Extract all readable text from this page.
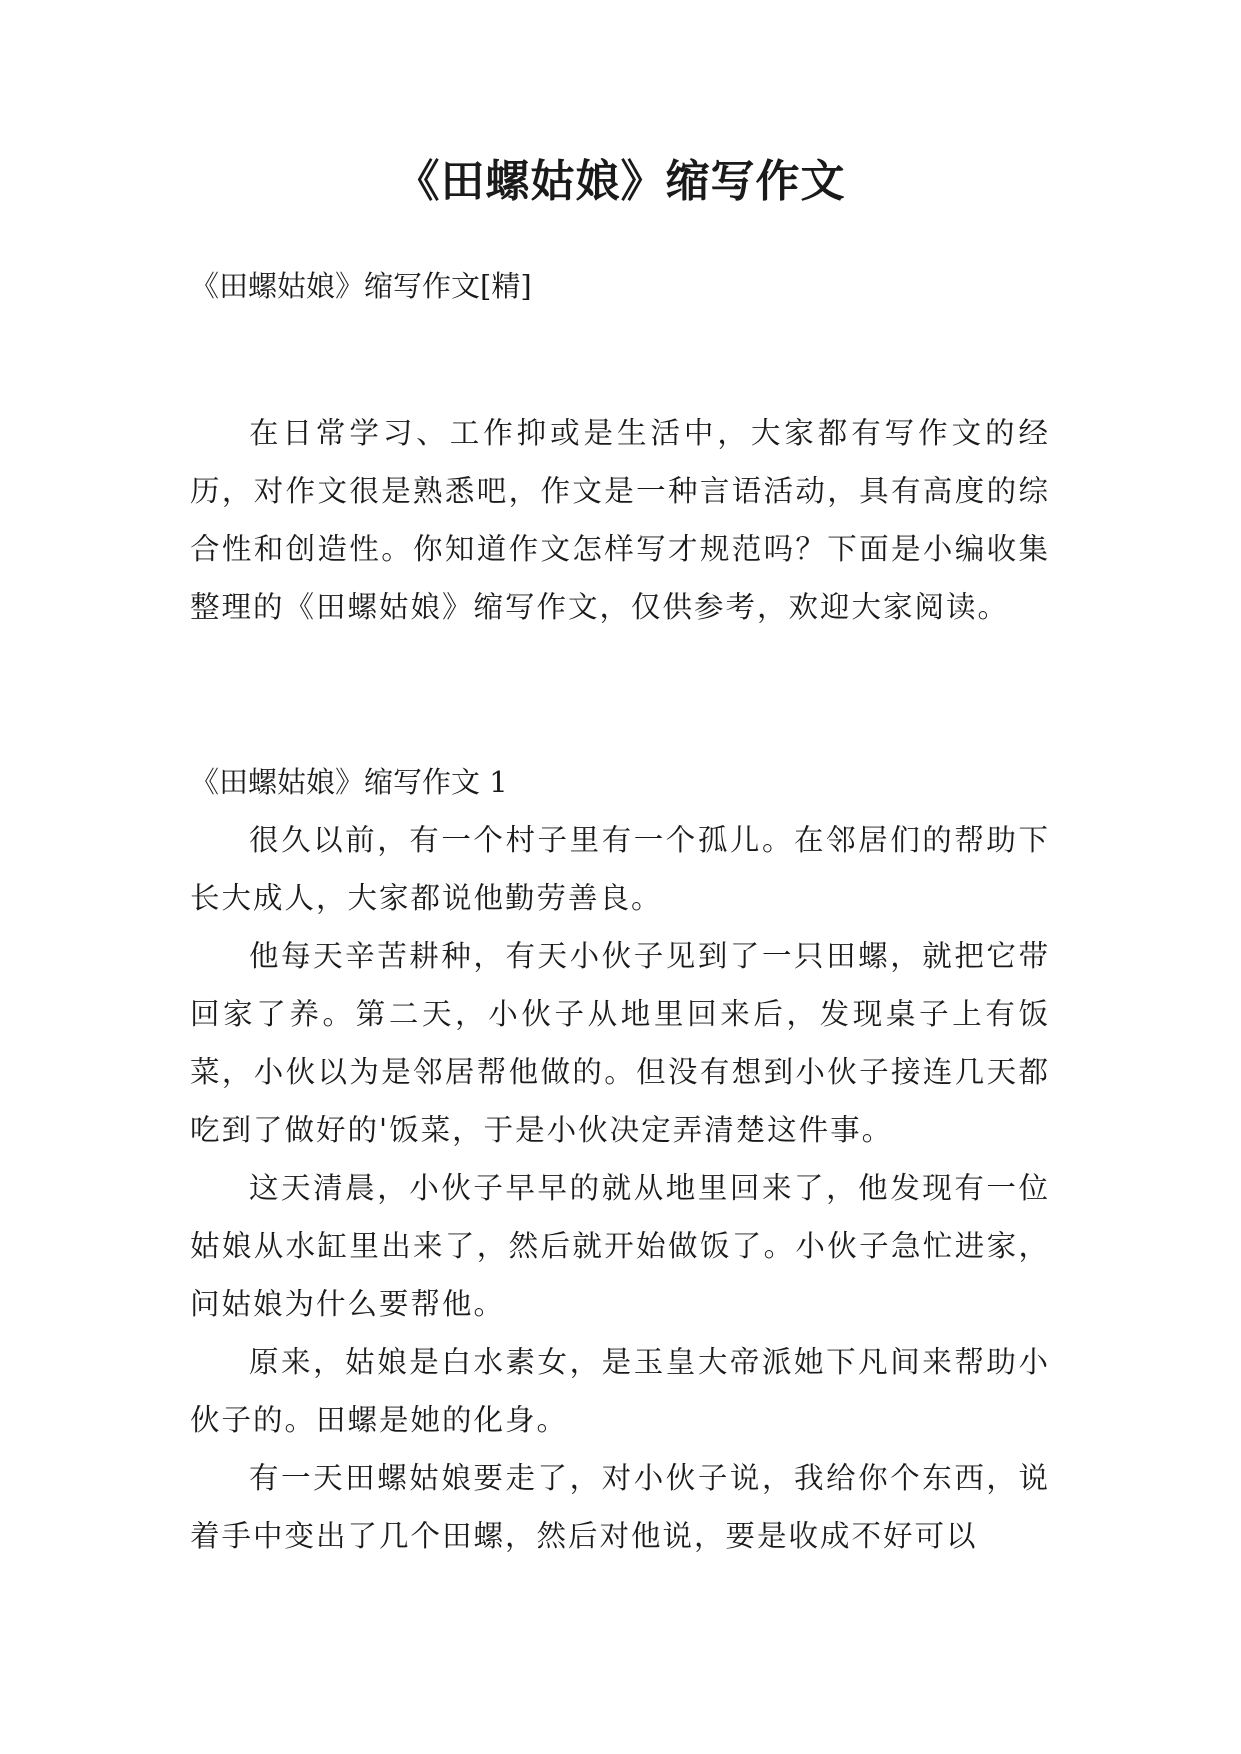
《田螺姑娘》缩写作文

《田螺姑娘》缩写作文[精]

在日常学习、工作抑或是生活中，大家都有写作文的经历，对作文很是熟悉吧，作文是一种言语活动，具有高度的综合性和创造性。你知道作文怎样写才规范吗？下面是小编收集整理的《田螺姑娘》缩写作文，仅供参考，欢迎大家阅读。

《田螺姑娘》缩写作文 1

很久以前，有一个村子里有一个孤儿。在邻居们的帮助下长大成人，大家都说他勤劳善良。

他每天辛苦耕种，有天小伙子见到了一只田螺，就把它带回家了养。第二天，小伙子从地里回来后，发现桌子上有饭菜，小伙以为是邻居帮他做的。但没有想到小伙子接连几天都吃到了做好的'饭菜，于是小伙决定弄清楚这件事。

这天清晨，小伙子早早的就从地里回来了，他发现有一位姑娘从水缸里出来了，然后就开始做饭了。小伙子急忙进家，问姑娘为什么要帮他。

原来，姑娘是白水素女，是玉皇大帝派她下凡间来帮助小伙子的。田螺是她的化身。

有一天田螺姑娘要走了，对小伙子说，我给你个东西，说着手中变出了几个田螺，然后对他说，要是收成不好可以
